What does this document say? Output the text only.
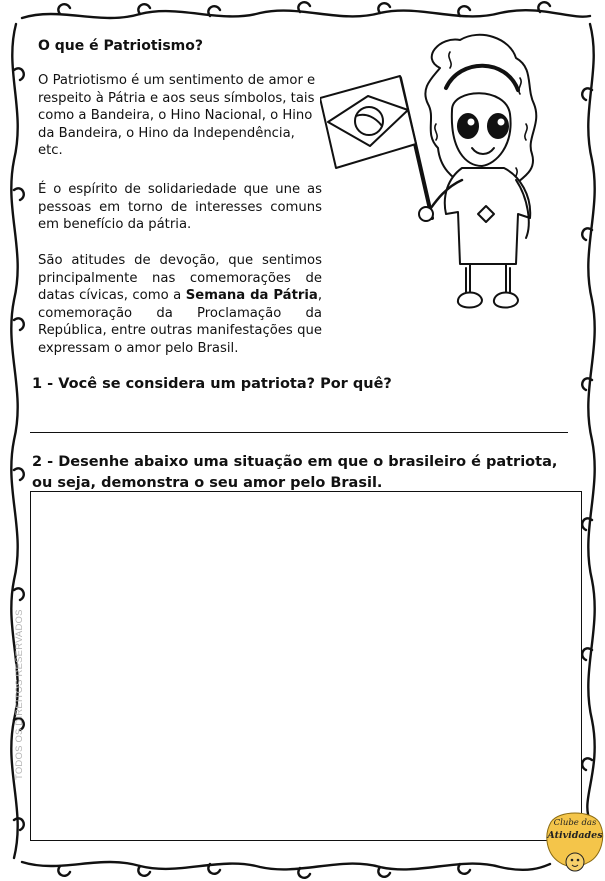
O que é Patriotismo?
O Patriotismo é um sentimento de amor e respeito à Pátria e aos seus símbolos, tais como a Bandeira, o Hino Nacional, o Hino da Bandeira, o Hino da Independência, etc.
É o espírito de solidariedade que une as pessoas em torno de interesses comuns em benefício da pátria.
São atitudes de devoção, que sentimos principalmente nas comemorações de datas cívicas, como a Semana da Pátria, comemoração da Proclamação da República, entre outras manifestações que expressam o amor pelo Brasil.
1 - Você se considera um patriota? Por quê?
2 - Desenhe abaixo uma situação em que o brasileiro é patriota, ou seja, demonstra o seu amor pelo Brasil.
TODOS OS DIREITOS RESERVADOS
Clube das
Atividades
